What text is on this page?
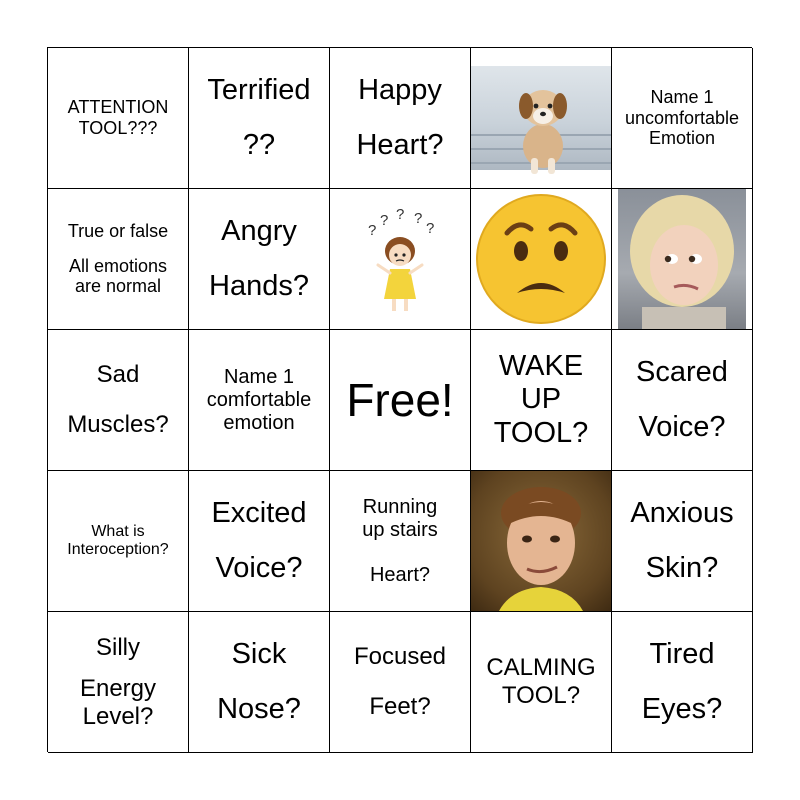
ATTENTION
TOOL???
Terrified
??
Happy
Heart?
Name 1
uncomfortable
Emotion
True or false
All emotions
are normal
Angry
Hands?
?
? ? ?
?
Sad
Muscles?
Name 1
comfortable
emotion Free!
WAKE
UP
TOOL?
Scared
Voice?
What is
Interoception?
Excited
Voice?
Running
up stairs
Heart?
Anxious
Skin?
Silly
Energy
Level?
Sick
Nose?
Focused
Feet?
CALMING
TOOL?
Tired
Eyes?
